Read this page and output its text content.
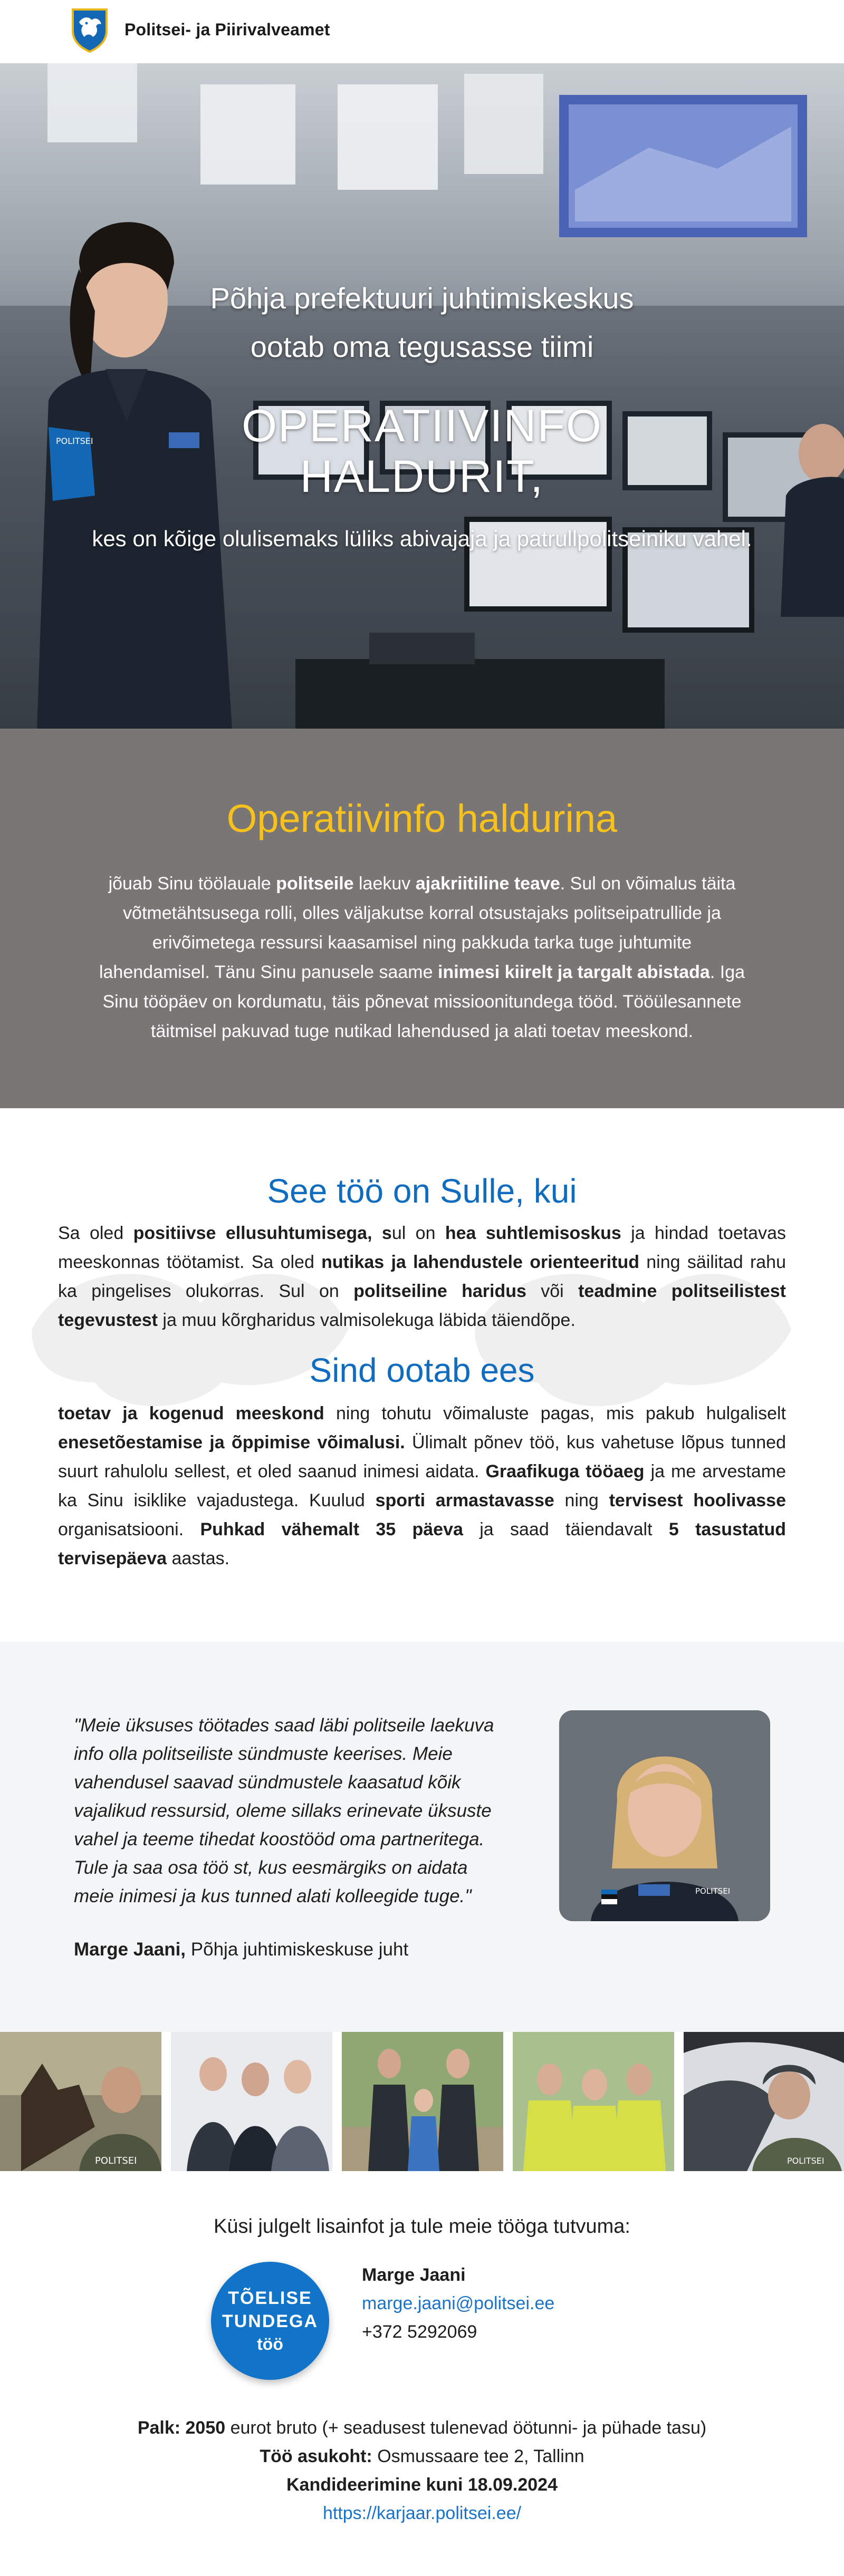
Politsei- ja Piirivalveamet
POLITSEI
Põhja prefektuuri juhtimiskeskus
ootab oma tegusasse tiimi
OPERATIIVINFO
HALDURIT,
kes on kõige olulisemaks lüliks abivajaja ja patrullpolitseiniku vahel.
Operatiivinfo haldurina
jõuab Sinu töölauale politseile laekuv ajakriitiline teave. Sul on võimalus täita võtmetähtsusega rolli, olles väljakutse korral otsustajaks politseipatrullide ja erivõimetega ressursi kaasamisel ning pakkuda tarka tuge juhtumite lahendamisel. Tänu Sinu panusele saame inimesi kiirelt ja targalt abistada. Iga Sinu tööpäev on kordumatu, täis põnevat missioonitundega tööd. Tööülesannete täitmisel pakuvad tuge nutikad lahendused ja alati toetav meeskond.
See töö on Sulle, kui
Sa oled positiivse ellusuhtumisega, sul on hea suhtlemisoskus ja hindad toetavas meeskonnas töötamist. Sa oled nutikas ja lahendustele orienteeritud ning säilitad rahu ka pingelises olukorras. Sul on politseiline haridus või teadmine politseilistest tegevustest ja muu kõrgharidus valmisolekuga läbida täiendõpe.
Sind ootab ees
toetav ja kogenud meeskond ning tohutu võimaluste pagas, mis pakub hulgaliselt enesetõestamise ja õppimise võimalusi. Ülimalt põnev töö, kus vahetuse lõpus tunned suurt rahulolu sellest, et oled saanud inimesi aidata. Graafikuga tööaeg ja me arvestame ka Sinu isiklike vajadustega. Kuulud sporti armastavasse ning tervisest hoolivasse organisatsiooni. Puhkad vähemalt 35 päeva ja saad täiendavalt 5 tasustatud tervisepäeva aastas.
"Meie üksuses töötades saad läbi politseile laekuva info olla politseiliste sündmuste keerises. Meie vahendusel saavad sündmustele kaasatud kõik vajalikud ressursid, oleme sillaks erinevate üksuste vahel ja teeme tihedat koostööd oma partneritega. Tule ja saa osa töö st, kus eesmärgiks on aidata meie inimesi ja kus tunned alati kolleegide tuge."
Marge Jaani, Põhja juhtimiskeskuse juht
POLITSEI
POLITSEI	POLITSEI
Küsi julgelt lisainfot ja tule meie tööga tutvuma:
TÕELISE
TUNDEGA
töö
Marge Jaani
marge.jaani@politsei.ee
+372 5292069
Palk: 2050 eurot bruto (+ seadusest tulenevad öötunni- ja pühade tasu)
Töö asukoht: Osmussaare tee 2, Tallinn
Kandideerimine kuni 18.09.2024
https://karjaar.politsei.ee/
